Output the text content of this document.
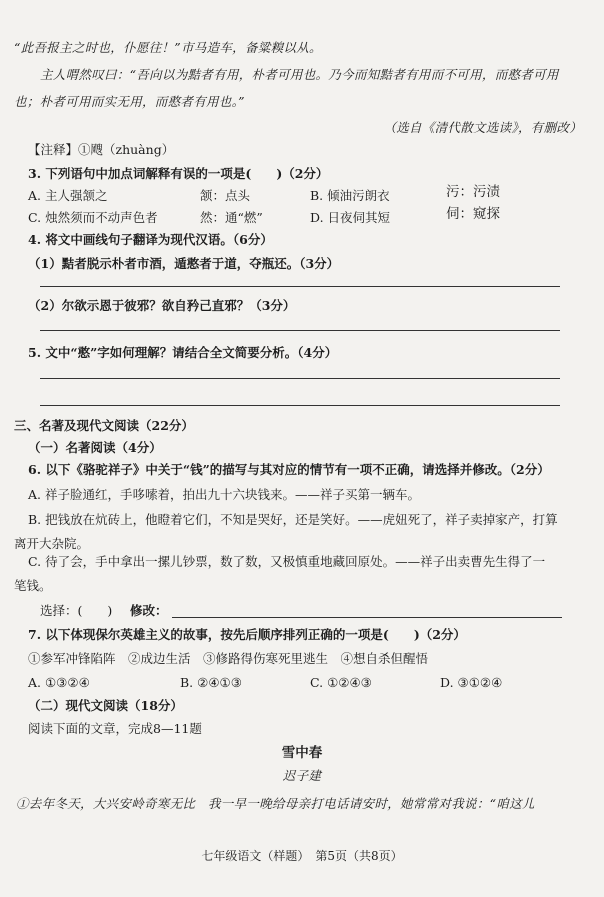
“此吾报主之时也，仆愿往！”市马造车，备粱糗以从。
主人喟然叹曰：“吾向以为黠者有用，朴者可用也。乃今而知黠者有用而不可用，而憨者可用
也；朴者可用而实无用，而憨者有用也。”
（选自《清代散文选读》，有删改）
【注释】①飕（zhuàng）
3. 下列语句中加点词解释有误的一项是(　　)（2分）
A. 主人强颔之	颔：点头	B. 倾油污朗衣	污：污渍
C. 烛然须而不动声色者	然：通“燃”	D. 日夜伺其短	伺：窥探
4. 将文中画线句子翻译为现代汉语。（6分）
（1）黠者脱示朴者市酒，遁憨者于道，夺瓶还。（3分）
（2）尔欲示恩于彼邪？欲自矜己直邪？（3分）
5. 文中“憨”字如何理解？请结合全文简要分析。（4分）
三、名著及现代文阅读（22分）
（一）名著阅读（4分）
6. 以下《骆驼祥子》中关于“钱”的描写与其对应的情节有一项不正确，请选择并修改。（2分）
A. 祥子脸通红，手哆嗦着，拍出九十六块钱来。——祥子买第一辆车。
B. 把钱放在炕砖上，他瞪着它们，不知是哭好，还是笑好。——虎妞死了，祥子卖掉家产，打算
离开大杂院。
C. 待了会，手中拿出一摞儿钞票，数了数，又极慎重地藏回原处。——祥子出卖曹先生得了一
笔钱。
选择：(　　) 修改：
7. 以下体现保尔英雄主义的故事，按先后顺序排列正确的一项是(　　)（2分）
①参军冲锋陷阵　②成边生活　③修路得伤寒死里逃生　④想自杀但醒悟
A. ①③②④	B. ②④①③	C. ①②④③	D. ③①②④
（二）现代文阅读（18分）
阅读下面的文章，完成8—11题
雪中春
迟子建
①去年冬天，大兴安岭奇寒无比　我一早一晚给母亲打电话请安时，她常常对我说：“咱这儿
七年级语文（样题）　第5页（共8页）
